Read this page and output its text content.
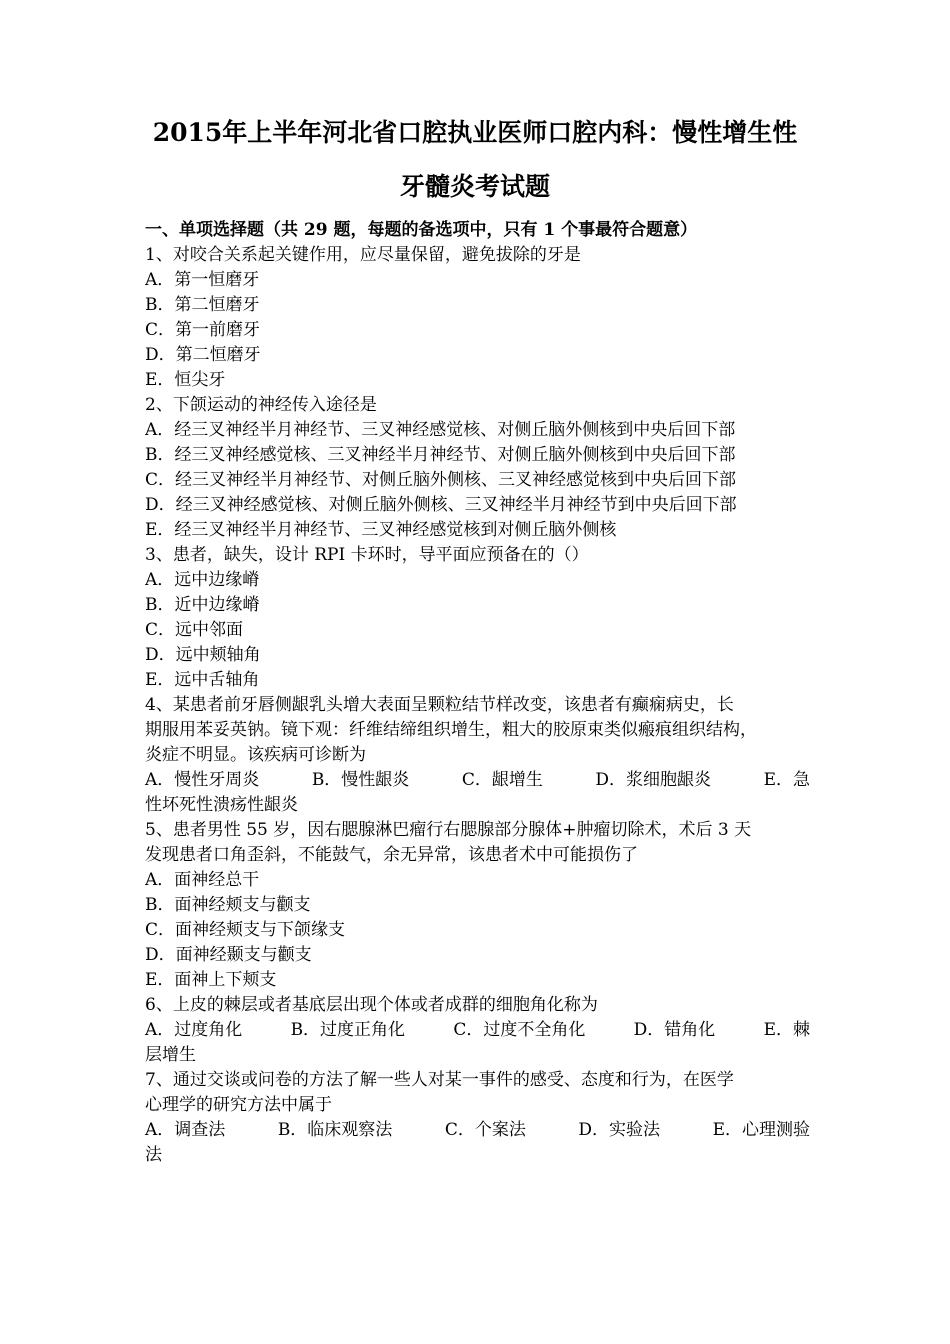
2015年上半年河北省口腔执业医师口腔内科：慢性增生性
牙髓炎考试题
一、单项选择题（共 29 题，每题的备选项中，只有 1 个事最符合题意）
1、对咬合关系起关键作用，应尽量保留，避免拔除的牙是
A．第一恒磨牙
B．第二恒磨牙
C．第一前磨牙
D．第二恒磨牙
E．恒尖牙
2、下颌运动的神经传入途径是
A．经三叉神经半月神经节、三叉神经感觉核、对侧丘脑外侧核到中央后回下部
B．经三叉神经感觉核、三叉神经半月神经节、对侧丘脑外侧核到中央后回下部
C．经三叉神经半月神经节、对侧丘脑外侧核、三叉神经感觉核到中央后回下部
D．经三叉神经感觉核、对侧丘脑外侧核、三叉神经半月神经节到中央后回下部
E．经三叉神经半月神经节、三叉神经感觉核到对侧丘脑外侧核
3、患者，缺失，设计 RPI 卡环时，导平面应预备在的（）
A．远中边缘嵴
B．近中边缘嵴
C．远中邻面
D．远中颊轴角
E．远中舌轴角
4、某患者前牙唇侧龈乳头增大表面呈颗粒结节样改变，该患者有癫痫病史，长
期服用苯妥英钠。镜下观：纤维结缔组织增生，粗大的胶原束类似瘢痕组织结构，
炎症不明显。该疾病可诊断为
A．慢性牙周炎	B．慢性龈炎	C．龈增生	D．浆细胞龈炎	E．急
性坏死性溃疡性龈炎
5、患者男性 55 岁，因右腮腺淋巴瘤行右腮腺部分腺体+肿瘤切除术，术后 3 天
发现患者口角歪斜，不能鼓气，余无异常，该患者术中可能损伤了
A．面神经总干
B．面神经颊支与颧支
C．面神经颊支与下颌缘支
D．面神经颞支与颧支
E．面神上下颊支
6、上皮的棘层或者基底层出现个体或者成群的细胞角化称为
A．过度角化	B．过度正角化	C．过度不全角化	D．错角化	E．棘
层增生
7、通过交谈或问卷的方法了解一些人对某一事件的感受、态度和行为，在医学
心理学的研究方法中属于
A．调查法	B．临床观察法	C．个案法	D．实验法	E．心理测验
法
